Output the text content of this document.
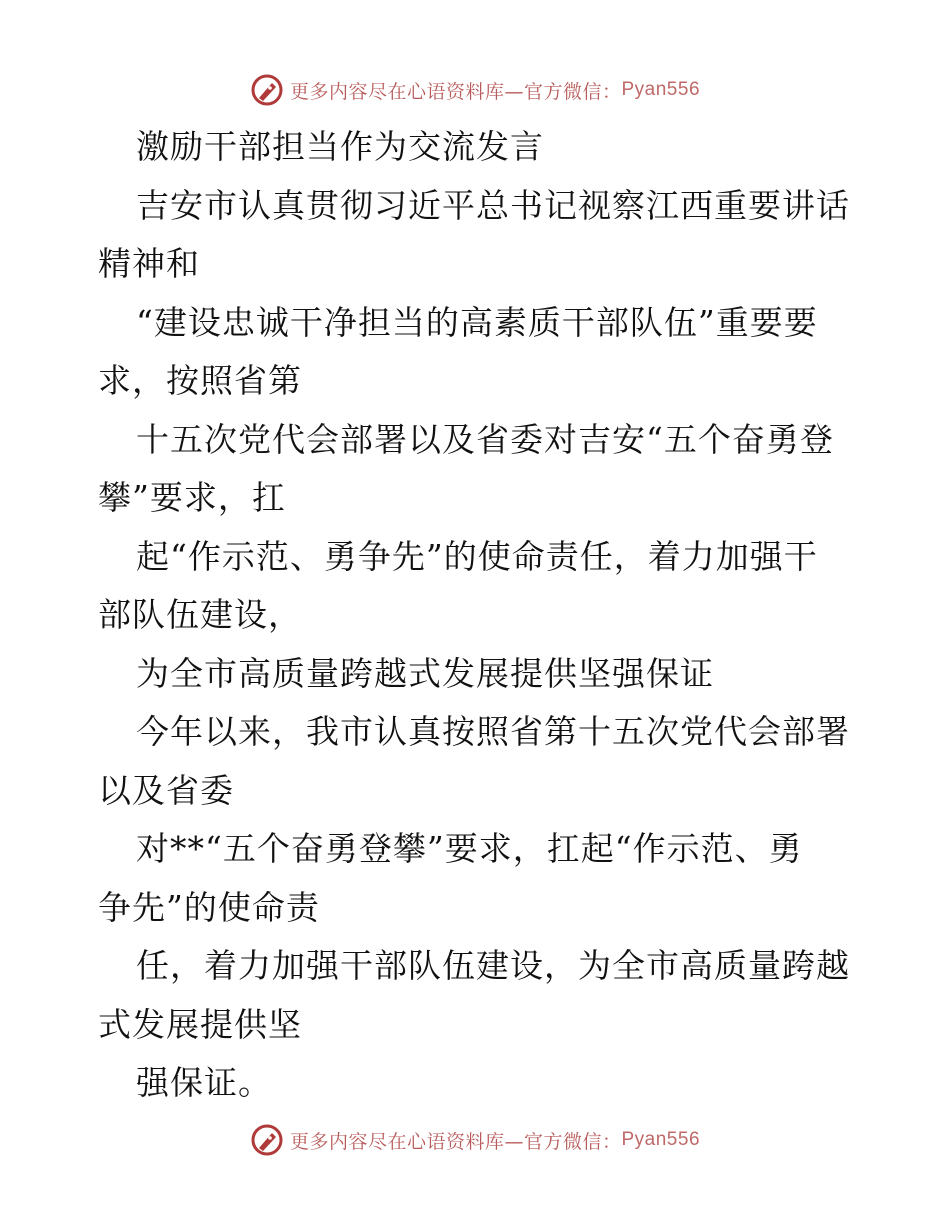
更多内容尽在心语资料库—官方微信： Pyan556
激励干部担当作为交流发言
吉安市认真贯彻习近平总书记视察江西重要讲话
精神和
“建设忠诚干净担当的高素质干部队伍”重要要
求，按照省第
十五次党代会部署以及省委对吉安“五个奋勇登
攀”要求，扛
起“作示范、勇争先”的使命责任，着力加强干
部队伍建设，
为全市高质量跨越式发展提供坚强保证
今年以来，我市认真按照省第十五次党代会部署
以及省委
对**“五个奋勇登攀”要求，扛起“作示范、勇
争先”的使命责
任，着力加强干部队伍建设，为全市高质量跨越
式发展提供坚
强保证。
更多内容尽在心语资料库—官方微信： Pyan556
